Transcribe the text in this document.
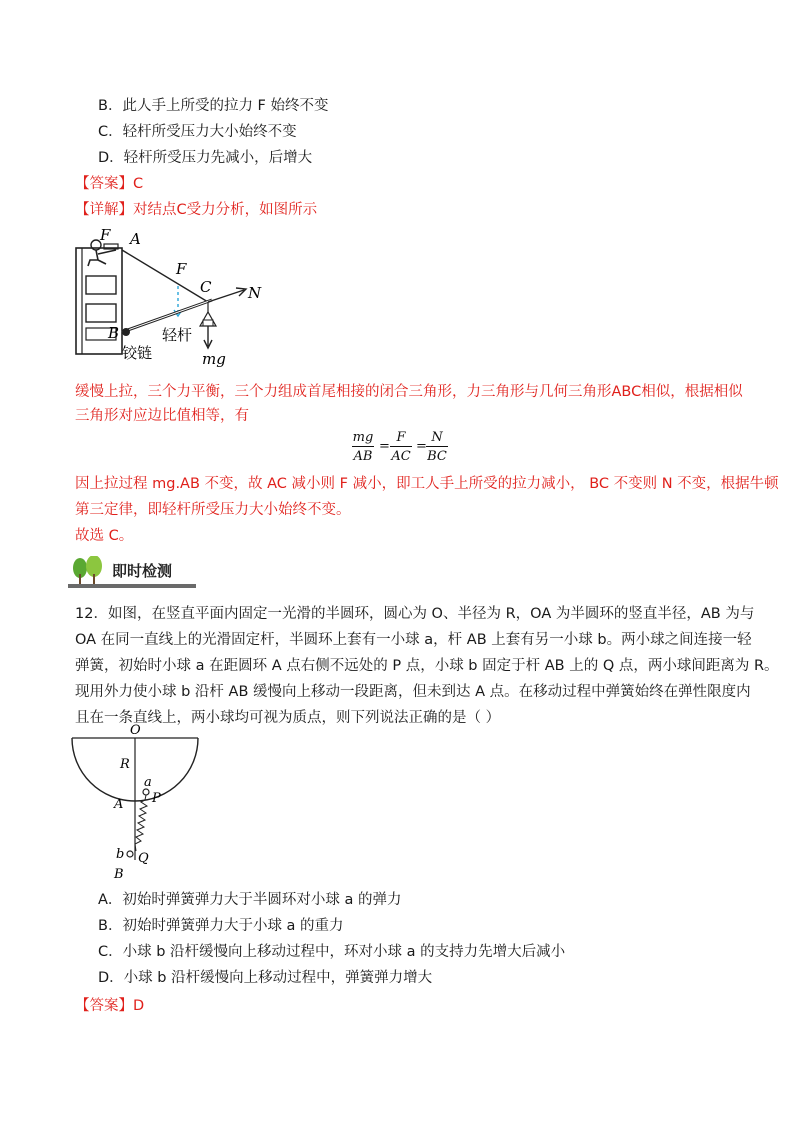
B．此人手上所受的拉力 F 始终不变
C．轻杆所受压力大小始终不变
D．轻杆所受压力先减小，后增大
【答案】C
【详解】对结点C受力分析，如图所示
F A
F
C N
mg
B	轻杆
铰链
缓慢上拉，三个力平衡，三个力组成首尾相接的闭合三角形，力三角形与几何三角形ABC相似，根据相似
三角形对应边比值相等，有
mg
AB
=
F
AC
=
N
BC
因上拉过程 mg.AB 不变，故 AC 减小则 F 减小，即工人手上所受的拉力减小， BC 不变则 N 不变，根据牛顿
第三定律，即轻杆所受压力大小始终不变。
故选 C。
即时检测
12．如图，在竖直平面内固定一光滑的半圆环，圆心为 O、半径为 R，OA 为半圆环的竖直半径，AB 为与
OA 在同一直线上的光滑固定杆，半圆环上套有一小球 a，杆 AB 上套有另一小球 b。两小球之间连接一轻
弹簧，初始时小球 a 在距圆环 A 点右侧不远处的 P 点，小球 b 固定于杆 AB 上的 Q 点，两小球间距离为 R。
现用外力使小球 b 沿杆 AB 缓慢向上移动一段距离，但未到达 A 点。在移动过程中弹簧始终在弹性限度内
且在一条直线上，两小球均可视为质点，则下列说法正确的是（ ）
O
R
a
P
A
b Q
B
A．初始时弹簧弹力大于半圆环对小球 a 的弹力
B．初始时弹簧弹力大于小球 a 的重力
C．小球 b 沿杆缓慢向上移动过程中，环对小球 a 的支持力先增大后减小
D．小球 b 沿杆缓慢向上移动过程中，弹簧弹力增大
【答案】D
